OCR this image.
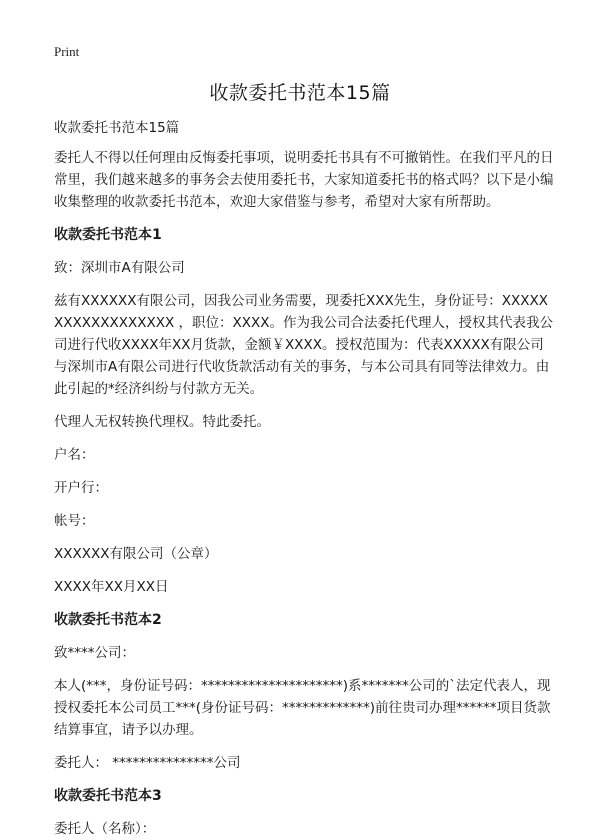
Print
收款委托书范本15篇

收款委托书范本15篇

委托人不得以任何理由反悔委托事项，说明委托书具有不可撤销性。在我们平凡的日常里，我们越来越多的事务会去使用委托书，大家知道委托书的格式吗？以下是小编收集整理的收款委托书范本，欢迎大家借鉴与参考，希望对大家有所帮助。

收款委托书范本1

致：深圳市A有限公司

兹有XXXXXX有限公司，因我公司业务需要，现委托XXX先生，身份证号：XXXXXXXXXXXXXXXXXX ，职位：XXXX。作为我公司合法委托代理人，授权其代表我公司进行代收XXXX年XX月货款，金额￥XXXX。授权范围为：代表XXXXX有限公司与深圳市A有限公司进行代收货款活动有关的事务，与本公司具有同等法律效力。由此引起的*经济纠纷与付款方无关。

代理人无权转换代理权。特此委托。

户名：

开户行：

帐号：

XXXXXX有限公司（公章）

XXXX年XX月XX日

收款委托书范本2

致****公司：

本人(***，身份证号码：*********************)系*******公司的`法定代表人，现授权委托本公司员工***(身份证号码：*************)前往贵司办理******项目货款结算事宜，请予以办理。

委托人： ***************公司

收款委托书范本3

委托人（名称）：
